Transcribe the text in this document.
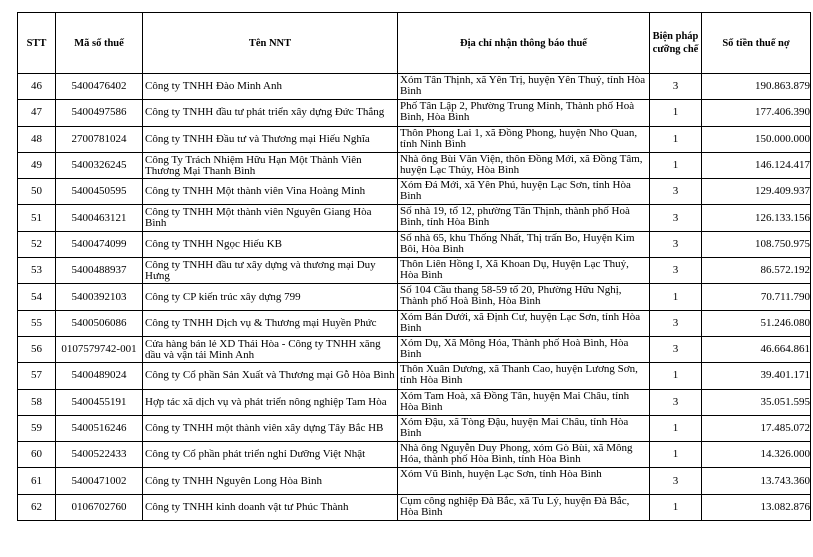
STT	Mã số thuế	Tên NNT	Địa chỉ nhận thông báo thuế	Biện pháp cưỡng chế	Số tiền thuế nợ
46	5400476402	Công ty TNHH Đào Minh Anh	Xóm Tân Thịnh, xã Yên Trị, huyện Yên Thuỷ, tỉnh Hòa Bình	3	190.863.879
47	5400497586	Công ty TNHH đầu tư phát triển xây dựng Đức Thắng	Phố Tân Lập 2, Phường Trung Minh, Thành phố Hoà Bình, Hòa Bình	1	177.406.390
48	2700781024	Công ty TNHH Đầu tư và Thương mại Hiếu Nghĩa	Thôn Phong Lai 1, xã Đồng Phong, huyện Nho Quan, tỉnh Ninh Bình	1	150.000.000
49	5400326245	Công Ty Trách Nhiệm Hữu Hạn Một Thành Viên Thương Mại Thanh Bình	Nhà ông Bùi Văn Viện, thôn Đồng Mới, xã Đồng Tâm, huyện Lạc Thủy, Hòa Bình	1	146.124.417
50	5400450595	Công ty TNHH Một thành viên Vina Hoàng Minh	Xóm Đá Mới, xã Yên Phú, huyện Lạc Sơn, tỉnh Hòa Bình	3	129.409.937
51	5400463121	Công ty TNHH Một thành viên Nguyên Giang Hòa Bình	Số nhà 19, tổ 12, phường Tân Thịnh, thành phố Hoà Bình, tỉnh Hòa Bình	3	126.133.156
52	5400474099	Công ty TNHH Ngọc Hiếu KB	Số nhà 65, khu Thống Nhất, Thị trấn Bo, Huyện Kim Bôi, Hòa Bình	3	108.750.975
53	5400488937	Công ty TNHH đầu tư xây dựng và thương mại Duy Hưng	Thôn Liên Hồng I, Xã Khoan Dụ, Huyện Lạc Thuỷ, Hòa Bình	3	86.572.192
54	5400392103	Công ty CP kiến trúc xây dựng 799	Số 104 Cầu thang 58-59 tổ 20, Phường Hữu Nghị, Thành phố Hoà Bình, Hòa Bình	1	70.711.790
55	5400506086	Công ty TNHH Dịch vụ & Thương mại Huyền Phức	Xóm Bản Dưới, xã Định Cư, huyện Lạc Sơn, tỉnh Hòa Bình	3	51.246.080
56	0107579742-001	Cửa hàng bán lẻ XD Thái Hòa - Công ty TNHH xăng dầu và vận tải Minh Anh	Xóm Dụ, Xã Mông Hóa, Thành phố Hoà Bình, Hòa Bình	3	46.664.861
57	5400489024	Công ty Cổ phần Sản Xuất và Thương mại Gỗ Hòa Bình	Thôn Xuân Dương, xã Thanh Cao, huyện Lương Sơn, tỉnh Hòa Bình	1	39.401.171
58	5400455191	Hợp tác xã dịch vụ và phát triển nông nghiệp Tam Hòa	Xóm Tam Hoà, xã Đồng Tân, huyện Mai Châu, tỉnh Hòa Bình	3	35.051.595
59	5400516246	Công ty TNHH một thành viên xây dựng Tây Bắc HB	Xóm Đậu, xã Tòng Đậu, huyện Mai Châu, tỉnh Hòa Bình	1	17.485.072
60	5400522433	Công ty Cổ phần phát triển nghỉ Dưỡng Việt Nhật	Nhà ông Nguyễn Duy Phong, xóm Gò Bùi, xã Mông Hóa, thành phố Hòa Bình, tỉnh Hòa Bình	1	14.326.000
61	5400471002	Công ty TNHH Nguyên Long Hòa Bình	Xóm Vũ Bình, huyện Lạc Sơn, tỉnh Hòa Bình	3	13.743.360
62	0106702760	Công ty TNHH kinh doanh vật tư Phúc Thành	Cụm công nghiệp Đà Bắc, xã Tu Lý, huyện Đà Bắc, Hòa Bình	1	13.082.876
